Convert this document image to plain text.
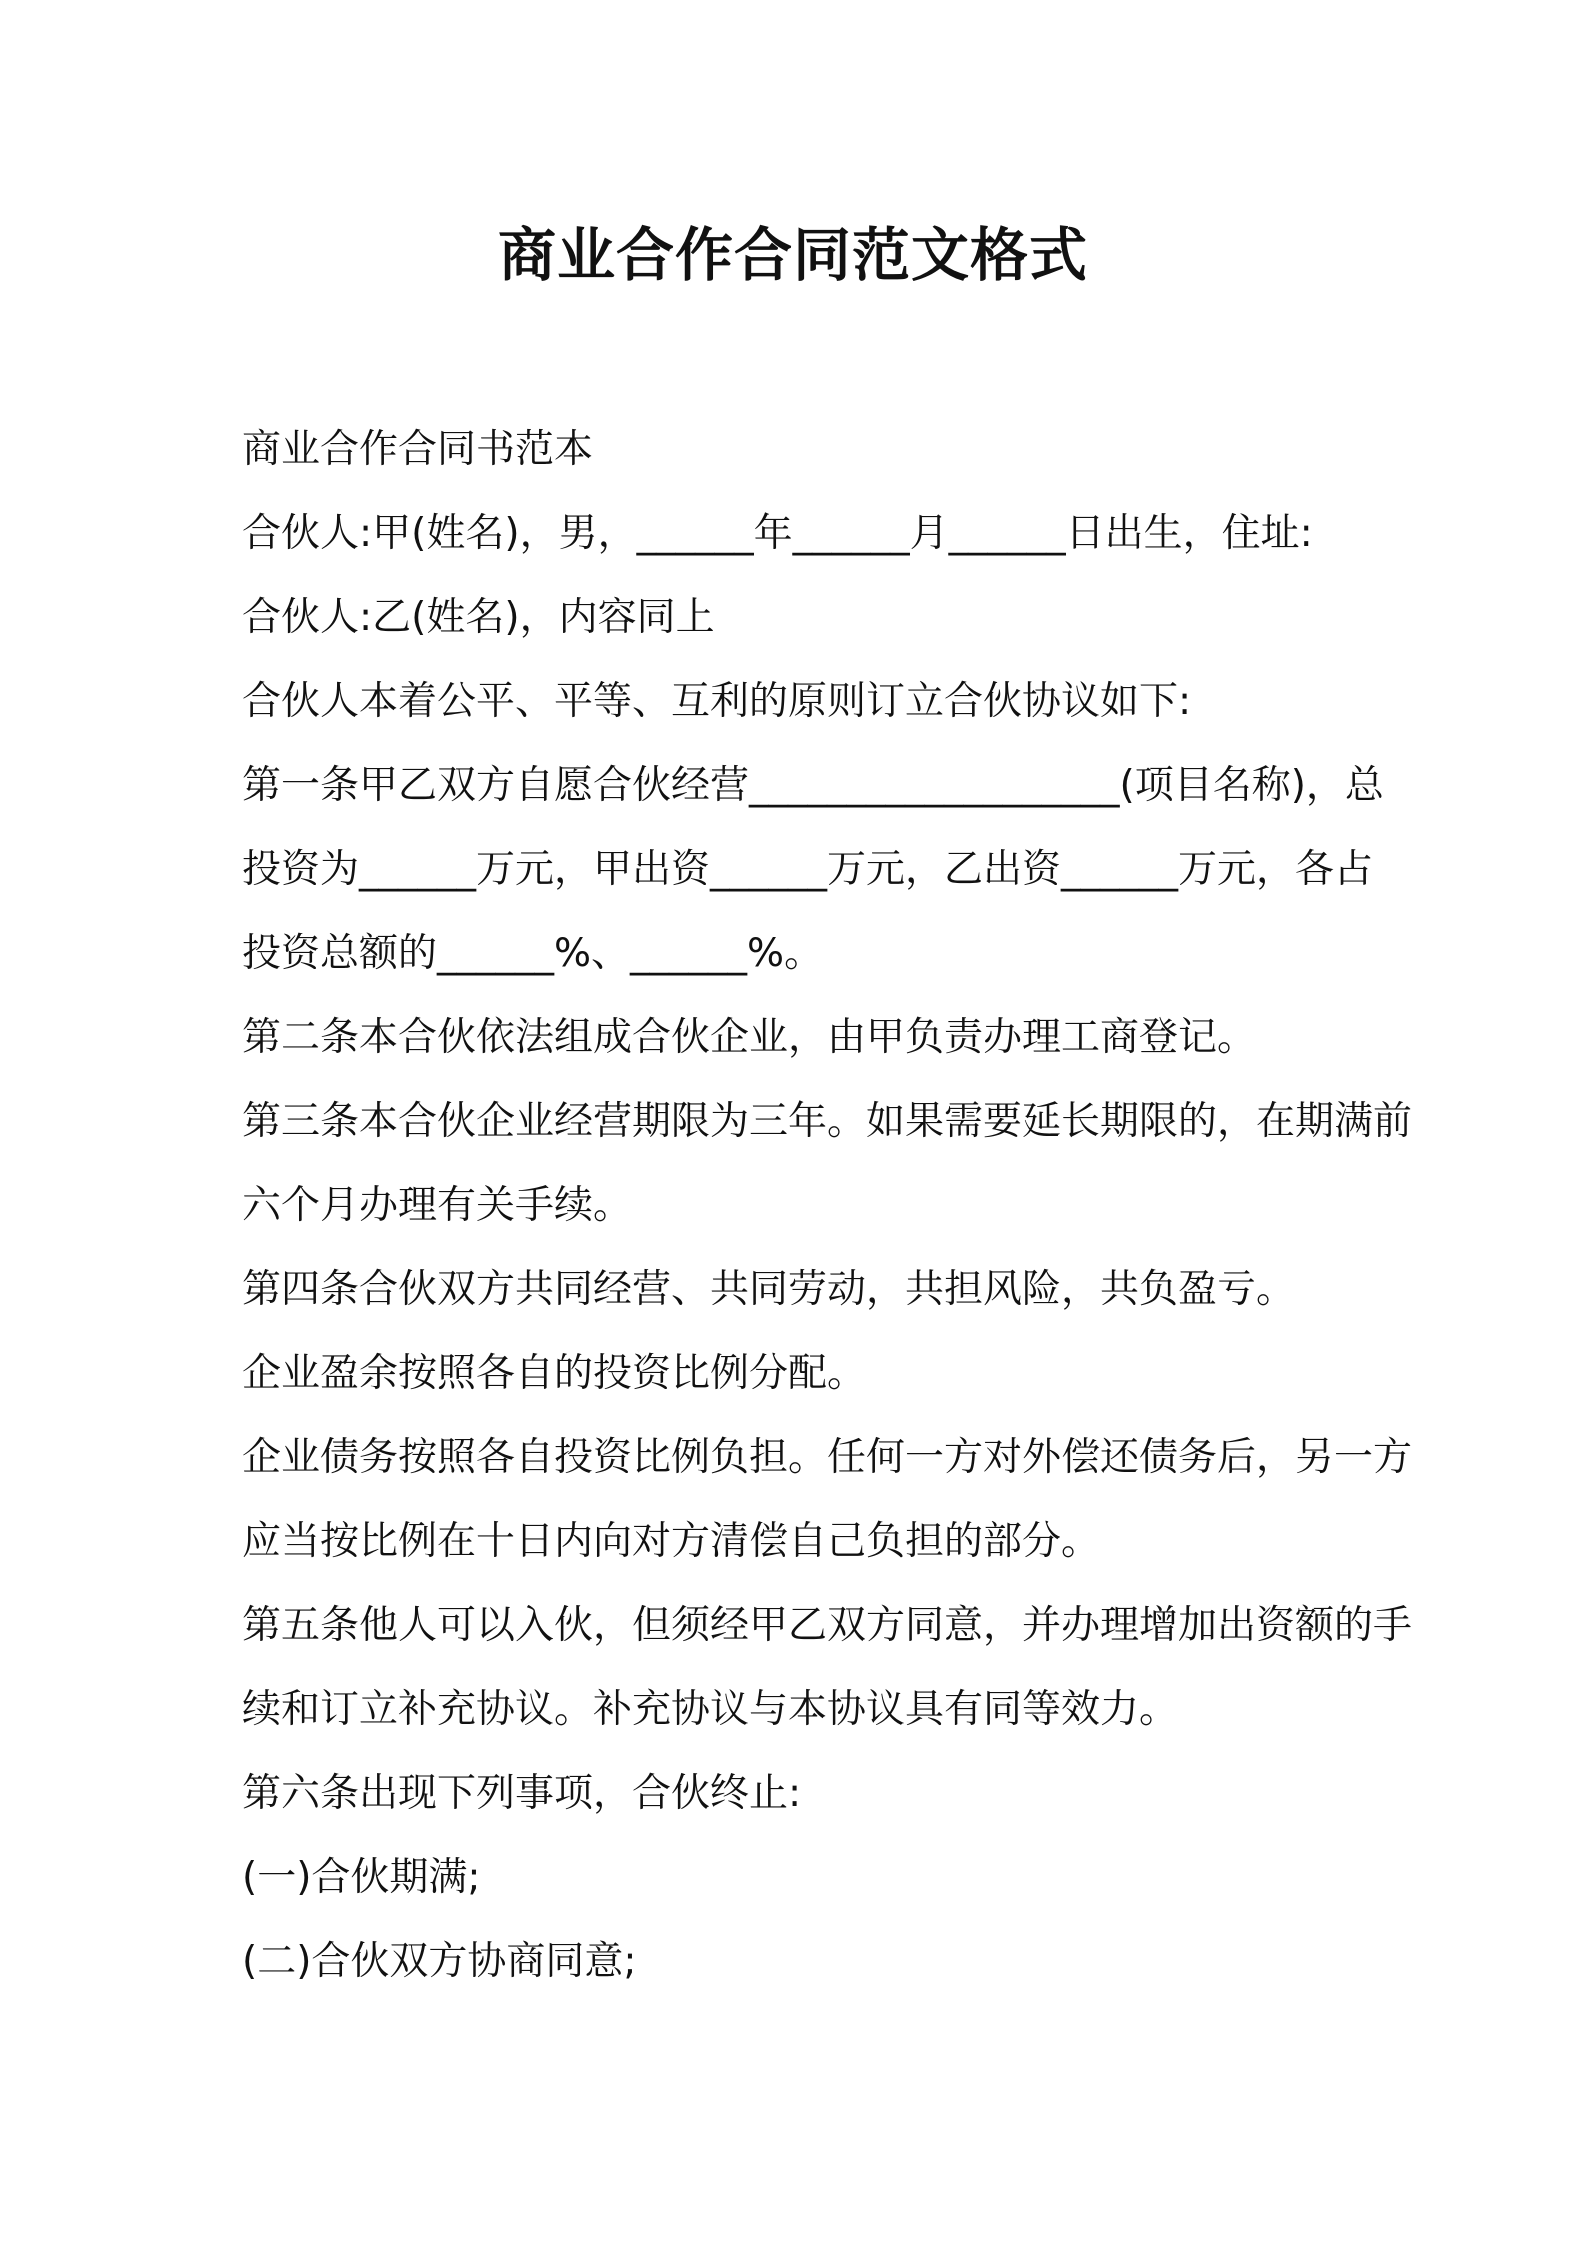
商业合作合同范文格式
商业合作合同书范本
合伙人:甲(姓名)，男，______年______月______日出生，住址:
合伙人:乙(姓名)，内容同上
合伙人本着公平、平等、互利的原则订立合伙协议如下:
第一条甲乙双方自愿合伙经营___________________(项目名称)，总
投资为______万元，甲出资______万元，乙出资______万元，各占
投资总额的______%、______%。
第二条本合伙依法组成合伙企业，由甲负责办理工商登记。
第三条本合伙企业经营期限为三年。如果需要延长期限的，在期满前
六个月办理有关手续。
第四条合伙双方共同经营、共同劳动，共担风险，共负盈亏。
企业盈余按照各自的投资比例分配。
企业债务按照各自投资比例负担。任何一方对外偿还债务后，另一方
应当按比例在十日内向对方清偿自己负担的部分。
第五条他人可以入伙，但须经甲乙双方同意，并办理增加出资额的手
续和订立补充协议。补充协议与本协议具有同等效力。
第六条出现下列事项，合伙终止:
(一)合伙期满;
(二)合伙双方协商同意;
